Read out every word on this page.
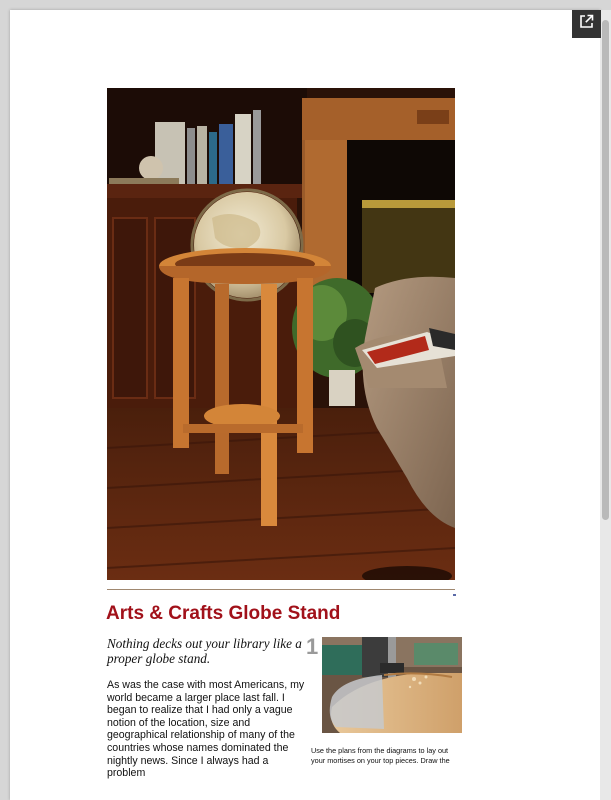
Arts & Crafts Globe Stand
Nothing decks out your library like a proper globe stand.
As was the case with most Americans, my world became a larger place last fall. I began to realize that I had only a vague notion of the location, size and geographical relationship of many of the countries whose names dominated the nightly news. Since I always had a problem
1
Use the plans from the diagrams to lay out your mortises on your top pieces. Draw the
